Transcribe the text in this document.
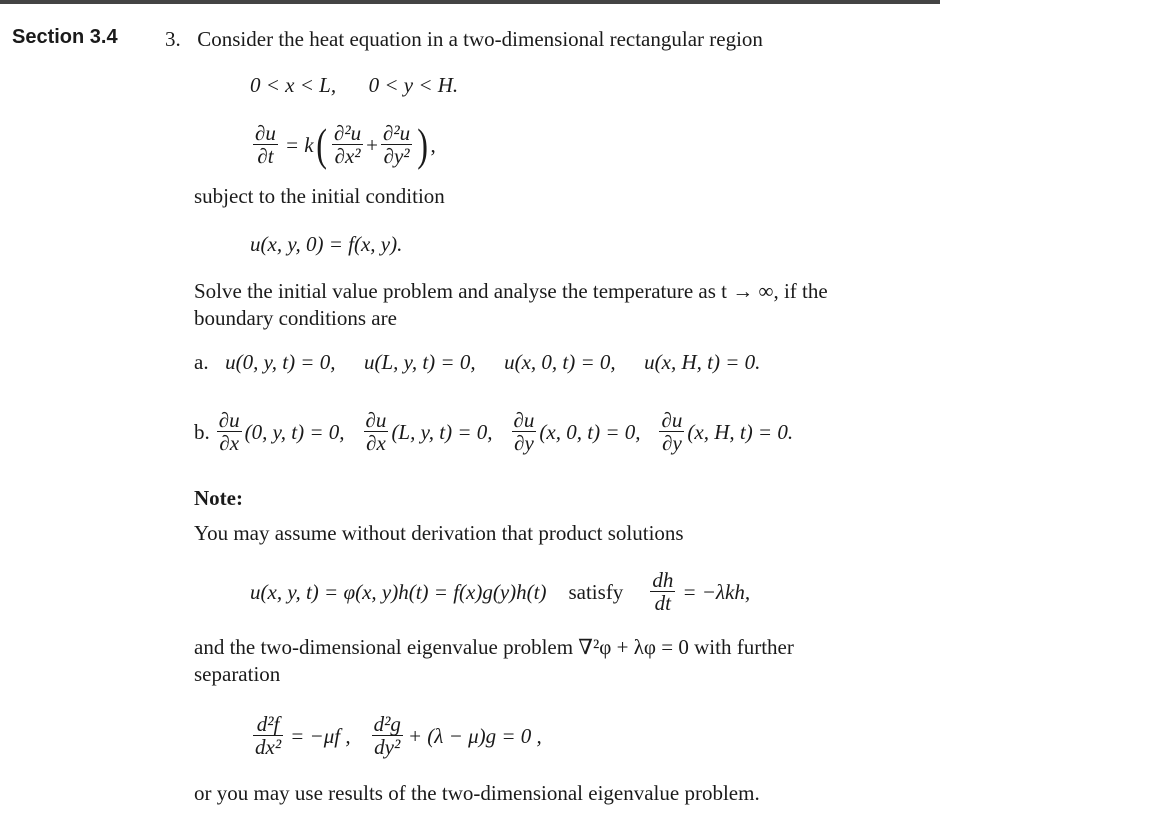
Section 3.4 3. Consider the heat equation in a two-dimensional rectangular region
0 < x < L, 0 < y < H.
$\frac{\partial u}{\partial t} = k$ ( $\frac{\text{∂²u}}{\text{∂x²}} + \frac{\text{∂²u}}{\text{∂y²}}$ ) ,
subject to the initial condition
u(x, y, 0) = f(x, y).
Solve the initial value problem and analyse the temperature as t → ∞, if the
boundary conditions are
a. u(0, y, t) = 0, u(L, y, t) = 0, u(x, 0, t) = 0, u(x, H, t) = 0.
b. $\frac{\partial u}{\partial x} (0$, y, t) = 0, $\frac{\partial u}{\partial x} (L$, y, t) = 0, $\frac{\partial u}{\partial y} (x$, 0, t) = 0, $\frac{\partial u}{\partial y} (x$, H, t) = 0.
Note:
You may assume without derivation that product solutions
u(x, y, t) = φ(x, y)h(t) = f(x)g(y)h(t) satisfy $\frac{dh}{dt} = -\lambda kh$,
and the two-dimensional eigenvalue problem ∇²φ + λφ = 0 with further
separation
$\frac{\text{d²f}}{\text{dx²}} = -\mu f$ , $\frac{\text{d²g}}{\text{dy²}} + (\lambda - \mu)g = 0$ ,
or you may use results of the two-dimensional eigenvalue problem.
